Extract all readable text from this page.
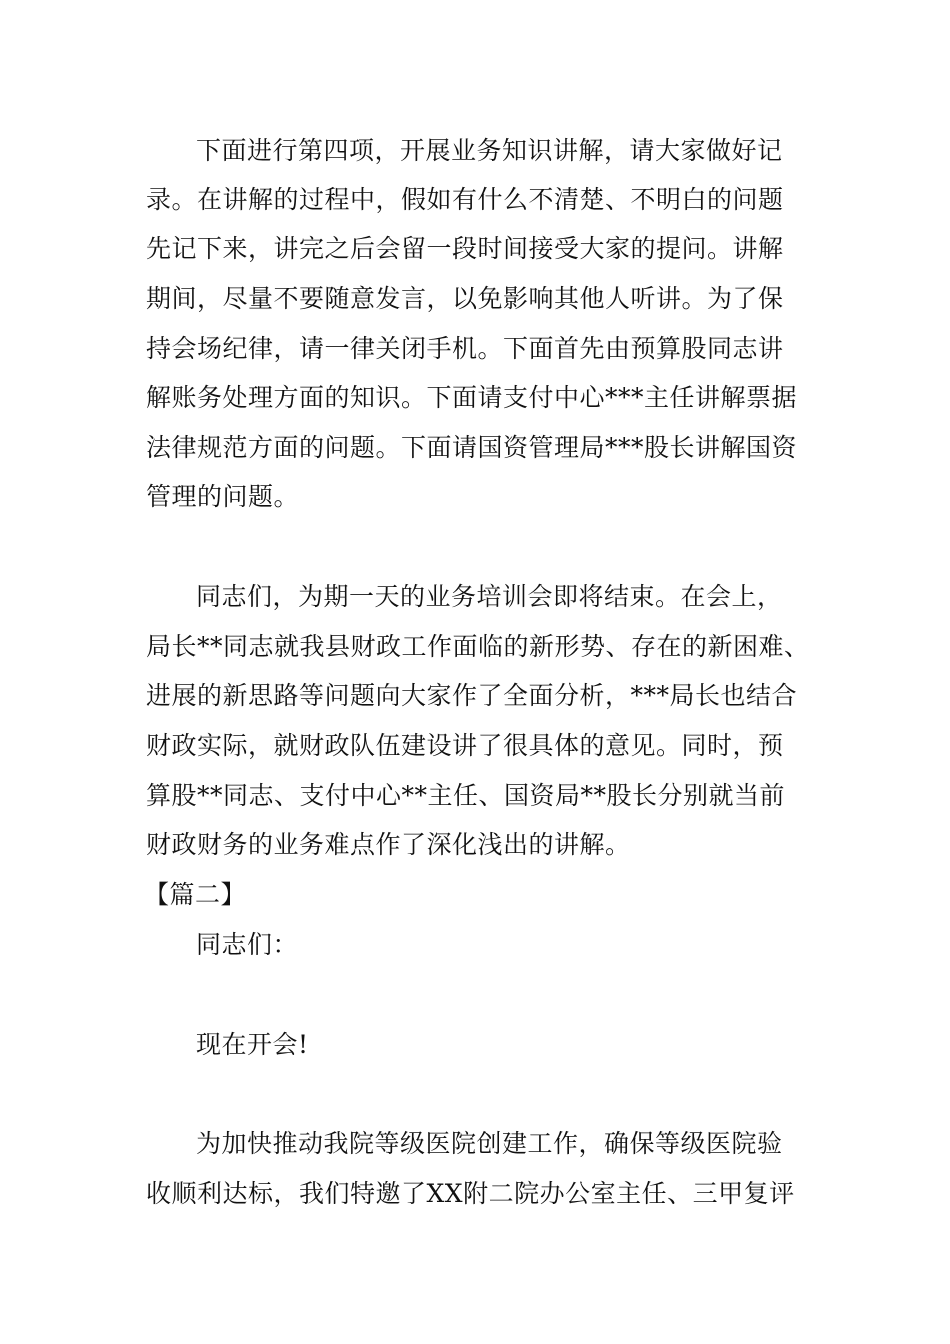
下面进行第四项，开展业务知识讲解，请大家做好记
录。在讲解的过程中，假如有什么不清楚、不明白的问题
先记下来，讲完之后会留一段时间接受大家的提问。讲解
期间，尽量不要随意发言，以免影响其他人听讲。为了保
持会场纪律，请一律关闭手机。下面首先由预算股同志讲
解账务处理方面的知识。下面请支付中心***主任讲解票据
法律规范方面的问题。下面请国资管理局***股长讲解国资
管理的问题。
同志们，为期一天的业务培训会即将结束。在会上，
局长**同志就我县财政工作面临的新形势、存在的新困难、
进展的新思路等问题向大家作了全面分析，***局长也结合
财政实际，就财政队伍建设讲了很具体的意见。同时，预
算股**同志、支付中心**主任、国资局**股长分别就当前
财政财务的业务难点作了深化浅出的讲解。
【篇二】
同志们：
现在开会!
为加快推动我院等级医院创建工作，确保等级医院验
收顺利达标，我们特邀了XX附二院办公室主任、三甲复评
